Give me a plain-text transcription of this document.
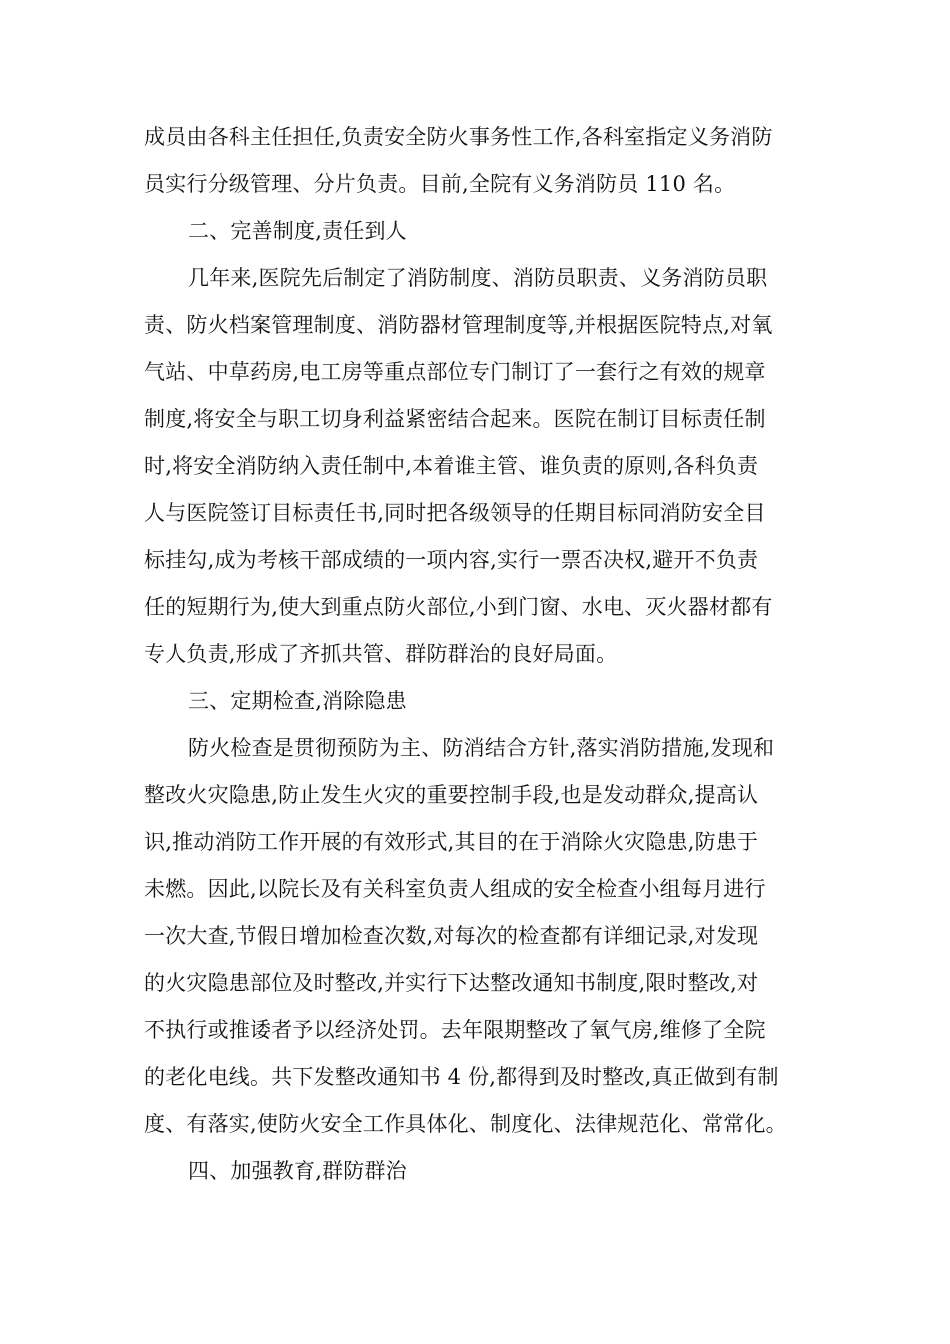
成员由各科主任担任,负责安全防火事务性工作,各科室指定义务消防
员实行分级管理、分片负责。目前,全院有义务消防员 110 名。
二、完善制度,责任到人
几年来,医院先后制定了消防制度、消防员职责、义务消防员职
责、防火档案管理制度、消防器材管理制度等,并根据医院特点,对氧
气站、中草药房,电工房等重点部位专门制订了一套行之有效的规章
制度,将安全与职工切身利益紧密结合起来。医院在制订目标责任制
时,将安全消防纳入责任制中,本着谁主管、谁负责的原则,各科负责
人与医院签订目标责任书,同时把各级领导的任期目标同消防安全目
标挂勾,成为考核干部成绩的一项内容,实行一票否决权,避开不负责
任的短期行为,使大到重点防火部位,小到门窗、水电、灭火器材都有
专人负责,形成了齐抓共管、群防群治的良好局面。
三、定期检查,消除隐患
防火检查是贯彻预防为主、防消结合方针,落实消防措施,发现和
整改火灾隐患,防止发生火灾的重要控制手段,也是发动群众,提高认
识,推动消防工作开展的有效形式,其目的在于消除火灾隐患,防患于
未燃。因此,以院长及有关科室负责人组成的安全检查小组每月进行
一次大查,节假日增加检查次数,对每次的检查都有详细记录,对发现
的火灾隐患部位及时整改,并实行下达整改通知书制度,限时整改,对
不执行或推诿者予以经济处罚。去年限期整改了氧气房,维修了全院
的老化电线。共下发整改通知书 4 份,都得到及时整改,真正做到有制
度、有落实,使防火安全工作具体化、制度化、法律规范化、常常化。
四、加强教育,群防群治
